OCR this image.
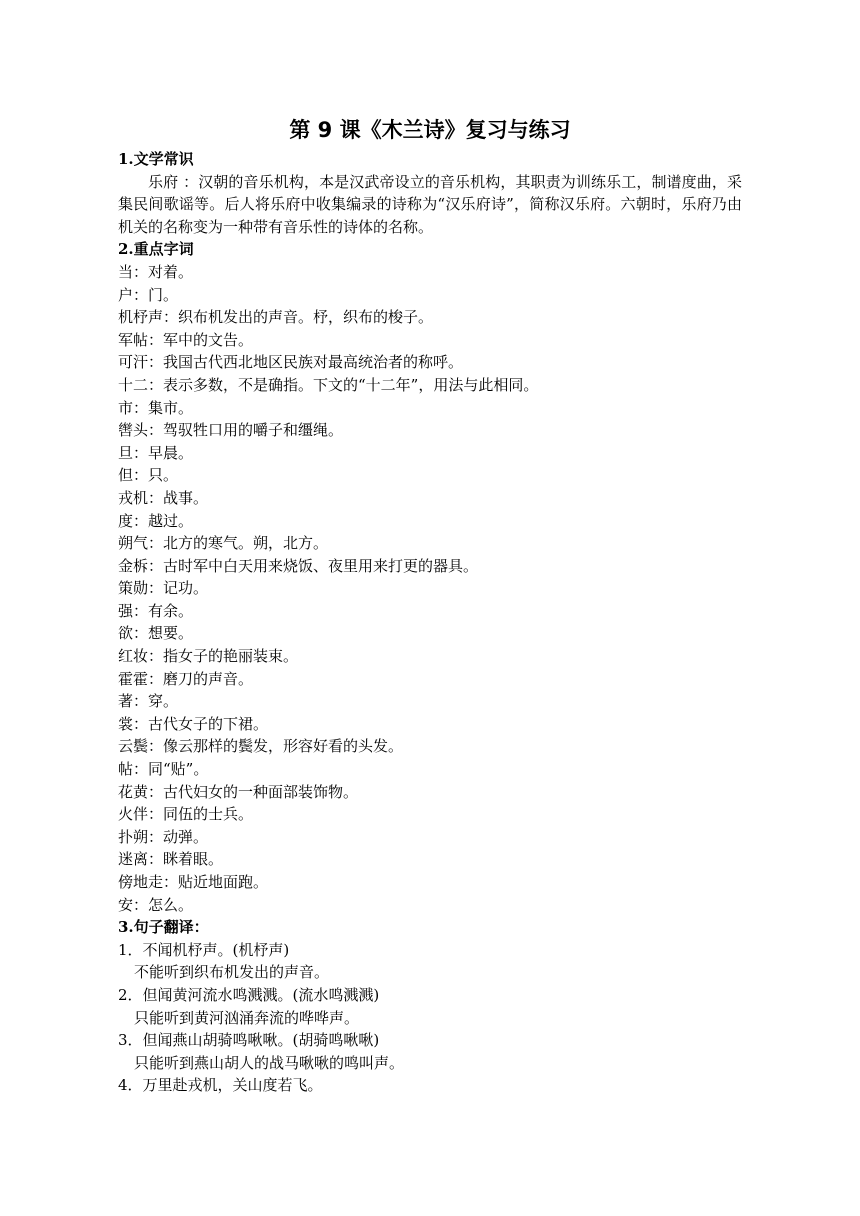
第 9 课《木兰诗》复习与练习
1.文学常识

乐府 ：汉朝的音乐机构，本是汉武帝设立的音乐机构，其职责为训练乐工，制谱度曲，采集民间歌谣等。后人将乐府中收集编录的诗称为“汉乐府诗”，简称汉乐府。六朝时，乐府乃由机关的名称变为一种带有音乐性的诗体的名称。

2.重点字词
当：对着。
户：门。
机杼声：织布机发出的声音。杼，织布的梭子。
军帖：军中的文告。
可汗：我国古代西北地区民族对最高统治者的称呼。
十二：表示多数，不是确指。下文的“十二年”，用法与此相同。
市：集市。
辔头：驾驭牲口用的嚼子和缰绳。
旦：早晨。
但：只。
戎机：战事。
度：越过。
朔气：北方的寒气。朔，北方。
金柝：古时军中白天用来烧饭、夜里用来打更的器具。
策勋：记功。
强：有余。
欲：想要。
红妆：指女子的艳丽装束。
霍霍：磨刀的声音。
著：穿。
裳：古代女子的下裙。
云鬓：像云那样的鬓发，形容好看的头发。
帖：同“贴”。
花黄：古代妇女的一种面部装饰物。
火伴：同伍的士兵。
扑朔：动弹。
迷离：眯着眼。
傍地走：贴近地面跑。
安：怎么。
3.句子翻译：
1．不闻机杼声。(机杼声)
不能听到织布机发出的声音。
2．但闻黄河流水鸣溅溅。(流水鸣溅溅)
只能听到黄河汹涌奔流的哗哗声。
3．但闻燕山胡骑鸣啾啾。(胡骑鸣啾啾)
只能听到燕山胡人的战马啾啾的鸣叫声。
4．万里赴戎机，关山度若飞。
